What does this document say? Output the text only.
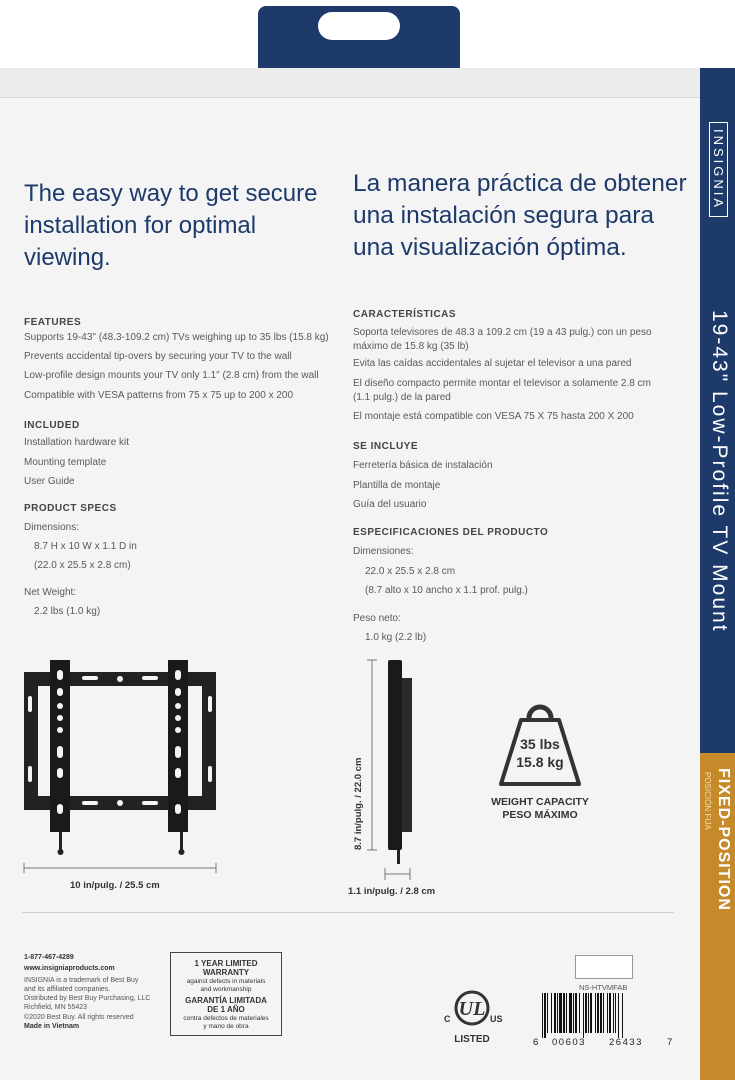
INSIGNIA
19-43" Low-Profile TV Mount
FIXED-POSITION
POSICIÓN FIJA
The easy way to get secure installation for optimal viewing.
La manera práctica de obtener una instalación segura para una visualización óptima.
FEATURES
Supports 19-43" (48.3-109.2 cm) TVs weighing up to 35 lbs (15.8 kg)
Prevents accidental tip-overs by securing your TV to the wall
Low-profile design mounts your TV only 1.1" (2.8 cm) from the wall
Compatible with VESA patterns from 75 x 75 up to 200 x 200
INCLUDED
Installation hardware kit
Mounting template
User Guide
PRODUCT SPECS
Dimensions:
8.7 H x 10 W x 1.1 D in
(22.0 x 25.5 x 2.8 cm)
Net Weight:
2.2 lbs (1.0 kg)
CARACTERÍSTICAS
Soporta televisores de 48.3 a 109.2 cm (19 a 43 pulg.) con un peso máximo de 15.8 kg (35 lb)
Evita las caídas accidentales al sujetar el televisor a una pared
El diseño compacto permite montar el televisor a solamente 2.8 cm (1.1 pulg.) de la pared
El montaje está compatible con VESA 75 X 75 hasta 200 X 200
SE INCLUYE
Ferretería básica de instalación
Plantilla de montaje
Guía del usuario
ESPECIFICACIONES DEL PRODUCTO
Dimensiones:
22.0 x 25.5 x 2.8 cm
(8.7 alto x 10 ancho x 1.1 prof. pulg.)
Peso neto:
1.0 kg (2.2 lb)
10 in/pulg. / 25.5 cm
8.7 in/pulg. / 22.0 cm
1.1 in/pulg. / 2.8 cm
35 lbs
15.8 kg
WEIGHT CAPACITY
PESO MÁXIMO
1-877-467-4289
www.insigniaproducts.com
INSIGNIA is a trademark of Best Buy
and its affiliated companies.
Distributed by Best Buy Purchasing, LLC
Richfield, MN 55423
©2020 Best Buy. All rights reserved
Made in Vietnam
1 YEAR LIMITED WARRANTY
against defects in materials and workmanship
GARANTÍA LIMITADA DE 1 AÑO
contra defectos de materiales y mano de obra
UL
C	US
LISTED
NS-HTVMFAB
6 00603 26433	7
